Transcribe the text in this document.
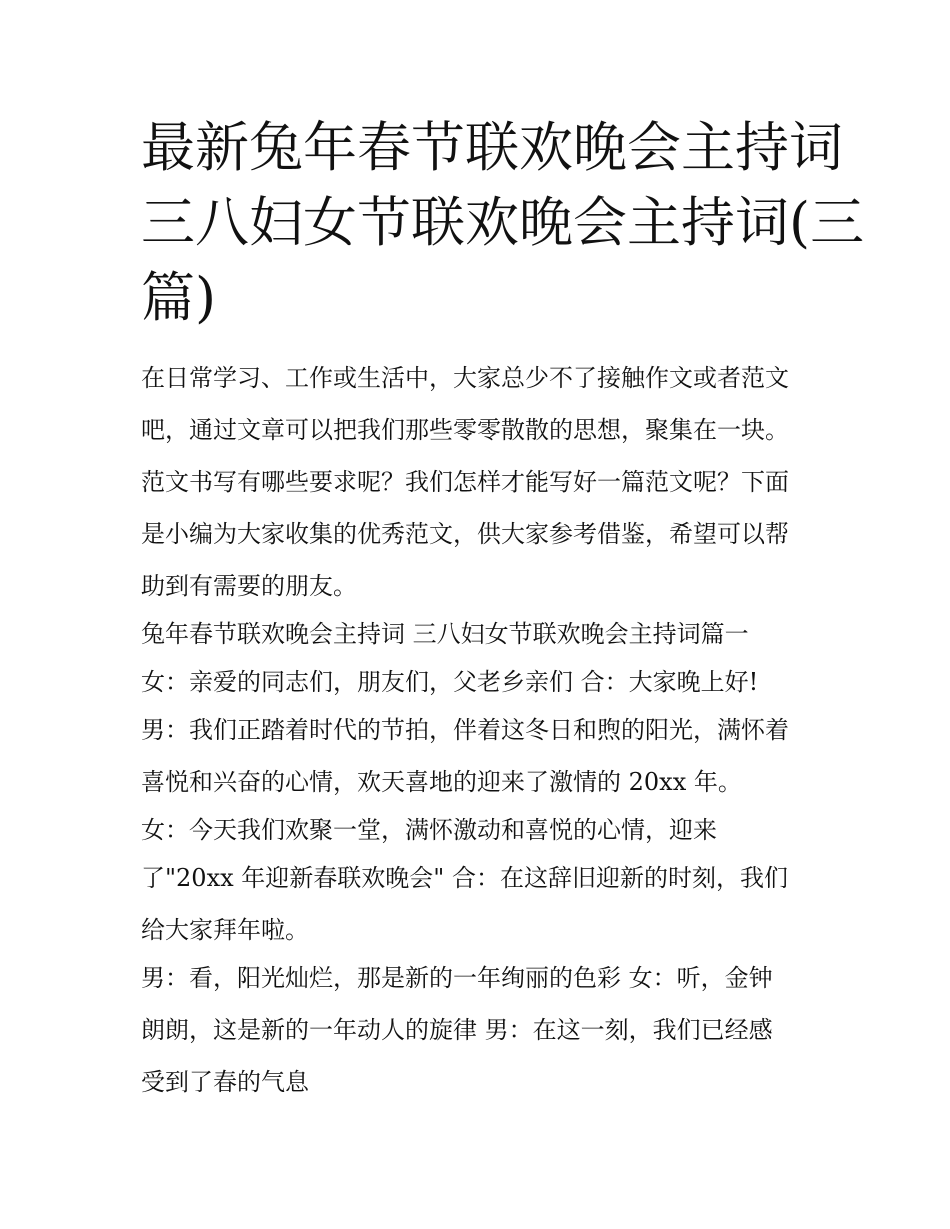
最新兔年春节联欢晚会主持词
三八妇女节联欢晚会主持词(三
篇)
在日常学习、工作或生活中，大家总少不了接触作文或者范文
吧，通过文章可以把我们那些零零散散的思想，聚集在一块。
范文书写有哪些要求呢？我们怎样才能写好一篇范文呢？下面
是小编为大家收集的优秀范文，供大家参考借鉴，希望可以帮
助到有需要的朋友。
兔年春节联欢晚会主持词 三八妇女节联欢晚会主持词篇一
女：亲爱的同志们，朋友们，父老乡亲们 合：大家晚上好!
男：我们正踏着时代的节拍，伴着这冬日和煦的阳光，满怀着
喜悦和兴奋的心情，欢天喜地的迎来了激情的 20xx 年。
女：今天我们欢聚一堂，满怀激动和喜悦的心情，迎来
了"20xx 年迎新春联欢晚会" 合：在这辞旧迎新的时刻，我们
给大家拜年啦。
男：看，阳光灿烂，那是新的一年绚丽的色彩 女：听，金钟
朗朗，这是新的一年动人的旋律 男：在这一刻，我们已经感
受到了春的气息
